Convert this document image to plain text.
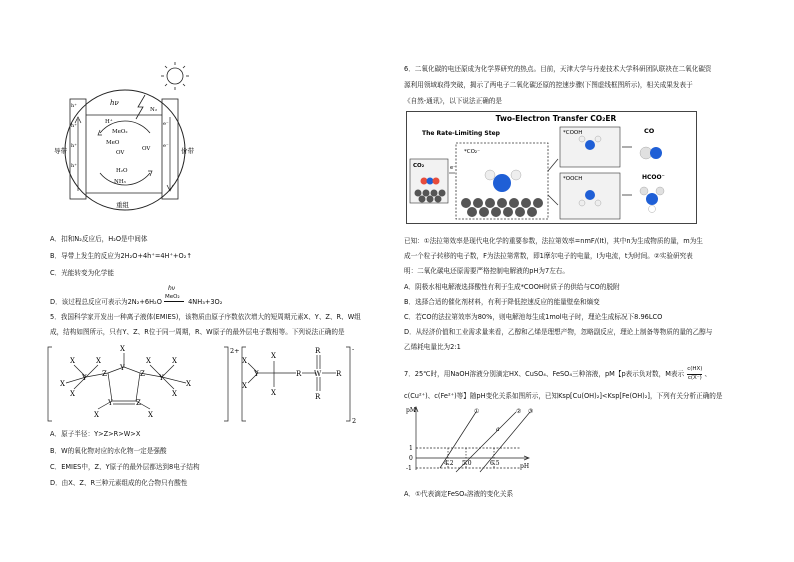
hν
N₂
H⁺
MeO₂
MeO
OV
OV
H₂O
NH₃
导带	价带
重组
h⁺
h⁺
h⁺
h⁺
e⁻
e⁻
A．扣和N₂反应后，H₂O是中间体
B．导带上发生的反应为2H₂O+4h⁺=4H⁺+O₂↑
C．光能转变为化学能
D．该过程总反应可表示为2N₂+6H₂O
hν
MeO₂
4NH₃+3O₂
5．我国科学家开发出一种离子液体(EMIES)，该物质由原子序数依次增大的短周期元素X、Y、Z、R、W组
成，结构如图所示，只有Y、Z、R位于同一周期，R、W原子的最外层电子数相等。下列说法正确的是
X
Y
Z	Z
Y	Y
X
X
X	X
X
X
Y	Z
X	X
X	X
2+	-
2
X
X
Y
X
X
R W R
R
R
A．原子半径：Y>Z>R>W>X
B．W的氧化物对应的水化物一定是强酸
C．EMIES中，Z、Y原子的最外层都达到8电子结构
D．由X、Z、R三种元素组成的化合物只有酸性
6．二氧化碳的电还原成为化学界研究的热点。目前，天津大学与丹麦技术大学科研团队联袂在二氧化碳资
源利用领域取得突破，揭示了两电子二氧化碳还原的控速步骤(下图虚线框图所示)，相关成果发表于
《自然-通讯》，以下说法正确的是
Two-Electron Transfer CO₂ER
The Rate-Limiting Step
CO₂	e⁻
*CO₂⁻
*COOH
*OOCH
CO
HCOO⁻
已知：①法拉第效率是现代电化学的重要参数，法拉第效率=nmF/(It)，其中n为生成物质的量，m为生
成一个粒子转移的电子数，F为法拉第常数，即1摩尔电子的电量，I为电流，t为时间。②实验研究表
明：二氧化碳电还原需要严格控制电解液的pH为7左右。
A．阴极水相电解液选择酸性有利于生成*COOH时质子的供给与CO的脱附
B．选择合适的催化剂材料，有利于降低控速反应的能量壁垒和熵变
C．若CO的法拉第效率为80%，则电解池每生成1mol电子时，理论生成标况下8.96LCO
D．从经济价值和工业需求量来看，乙醇和乙烯是理想产物，忽略副反应，理论上制备等物质的量的乙醇与
乙烯耗电量比为2:1
7．25℃时，用NaOH溶液分别滴定HX、CuSO₄、FeSO₄三种溶液，pM【p表示负对数，M表示 $\frac{c(HX)}{c(X^-)}$ 、
c(Cu²⁺)、c(Fe²⁺)等】随pH变化关系如图所示，已知Ksp[Cu(OH)₂]<Ksp[Fe(OH)₂]，下列有关分析正确的是
pM
pH
1
0
-1
4.2 5.0	6.5
①	② ③
a
A．①代表滴定FeSO₄溶液的变化关系
